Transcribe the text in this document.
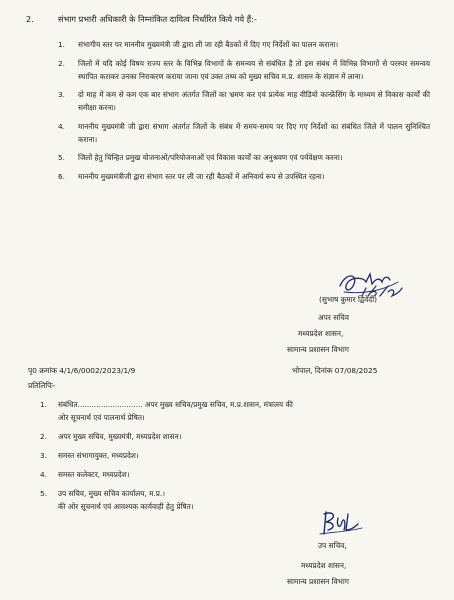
2.	संभाग प्रभारी अधिकारी के निम्नांकित दायित्व निर्धारित किये गये हैं:-
1. संभागीय स्तर पर माननीय मुख्यमंत्री जी द्वारा ली जा रही बैठकों में दिए गए निर्देशों का पालन कराना।
2. जिलों में यदि कोई विषय राज्य स्तर के विभिन्न विभागों के समन्वय से संबंधित है तो इस संबंध में विभिन्न विभागों से परस्पर समन्वय स्थापित कराकर उनका निराकरण कराया जाना एवं उक्त तथ्य को मुख्य सचिव म.प्र. शासन के संज्ञान में लाना।
3. दो माह में कम से कम एक बार संभाग अंतर्गत जिलों का भ्रमण कर एवं प्रत्येक माह वीडियो कान्फ्रेंसिंग के माध्यम से विकास कार्यों की समीक्षा करना।
4. माननीय मुख्यमंत्री जी द्वारा संभाग अंतर्गत जिलों के संबंध में समय-समय पर दिए गए निर्देशों का संबंधित जिले में पालन सुनिश्चित कराना।
5. जिलों हेतु चिन्हित प्रमुख योजनाओं/परियोजनाओं एवं विकास कार्यों का अनुश्रवण एवं पर्यवेक्षण करना।
6. माननीय मुख्यमंत्रीजी द्वारा संभाग स्तर पर ली जा रही बैठकों में अनिवार्य रूप से उपस्थित रहना।
(सुभाष कुमार द्विवेदी)
अपर सचिव
मध्यप्रदेश शासन,
सामान्य प्रशासन विभाग
पृ0 क्रमांक 4/1/6/0002/2023/1/9	भोपाल, दिनांक 07/08/2025
प्रतिलिपिः-
1. संबंधित............................ अपर मुख्य सचिव/प्रमुख सचिव, म.प्र.शासन, मंत्रालय की
ओर सूचनार्थ एवं पालनार्थ प्रेषित।
2. अपर मुख्य सचिव, मुख्यमंत्री, मध्यप्रदेश शासन।
3. समस्त संभागायुक्त, मध्यप्रदेश।
4. समस्त कलेक्टर, मध्यप्रदेश।
5. उप सचिव, मुख्य सचिव कार्यालय, म.प्र.।
की ओर सूचनार्थ एवं आवश्यक कार्यवाही हेतु प्रेषित।
उप सचिव,
मध्यप्रदेश शासन,
सामान्य प्रशासन विभाग
